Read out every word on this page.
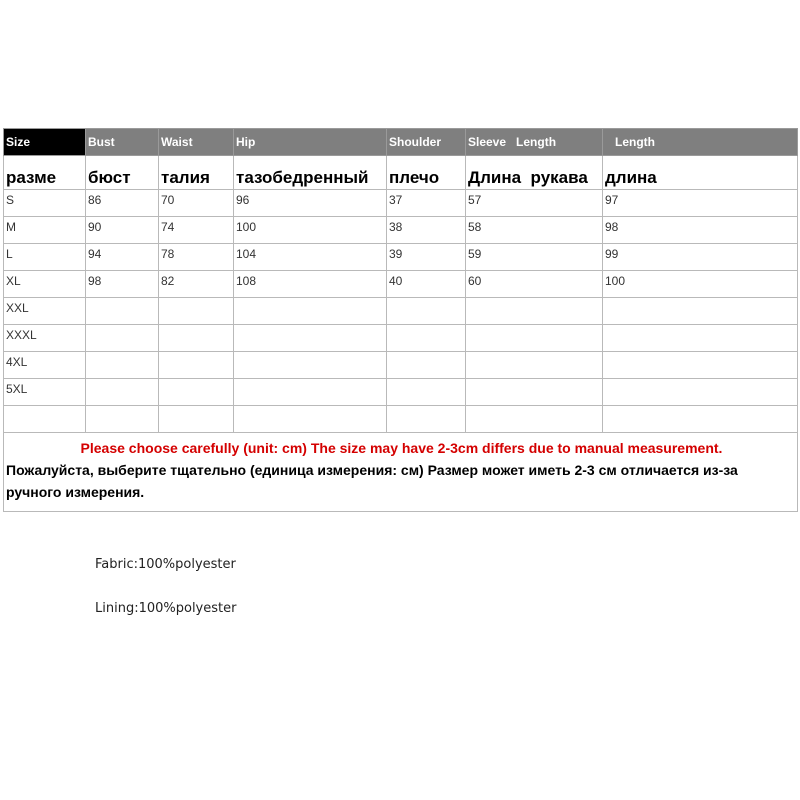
Size	Bust	Waist	Hip	Shoulder	Sleeve   Length	Length
разме	бюст	талия	тазобедренный	плечо	Длина  рукава	длина
S	86	70	96	37	57	97
M	90	74	100	38	58	98
L	94	78	104	39	59	99
XL	98	82	108	40	60	100
XXL						
XXXL						
4XL						
5XL						

Please choose carefully (unit: cm) The size may have 2-3cm differs due to manual measurement.
Пожалуйста, выберите тщательно (единица измерения: см) Размер может иметь 2-3 см отличается из-за ручного измерения.						
Fabric:100%polyester
Lining:100%polyester
